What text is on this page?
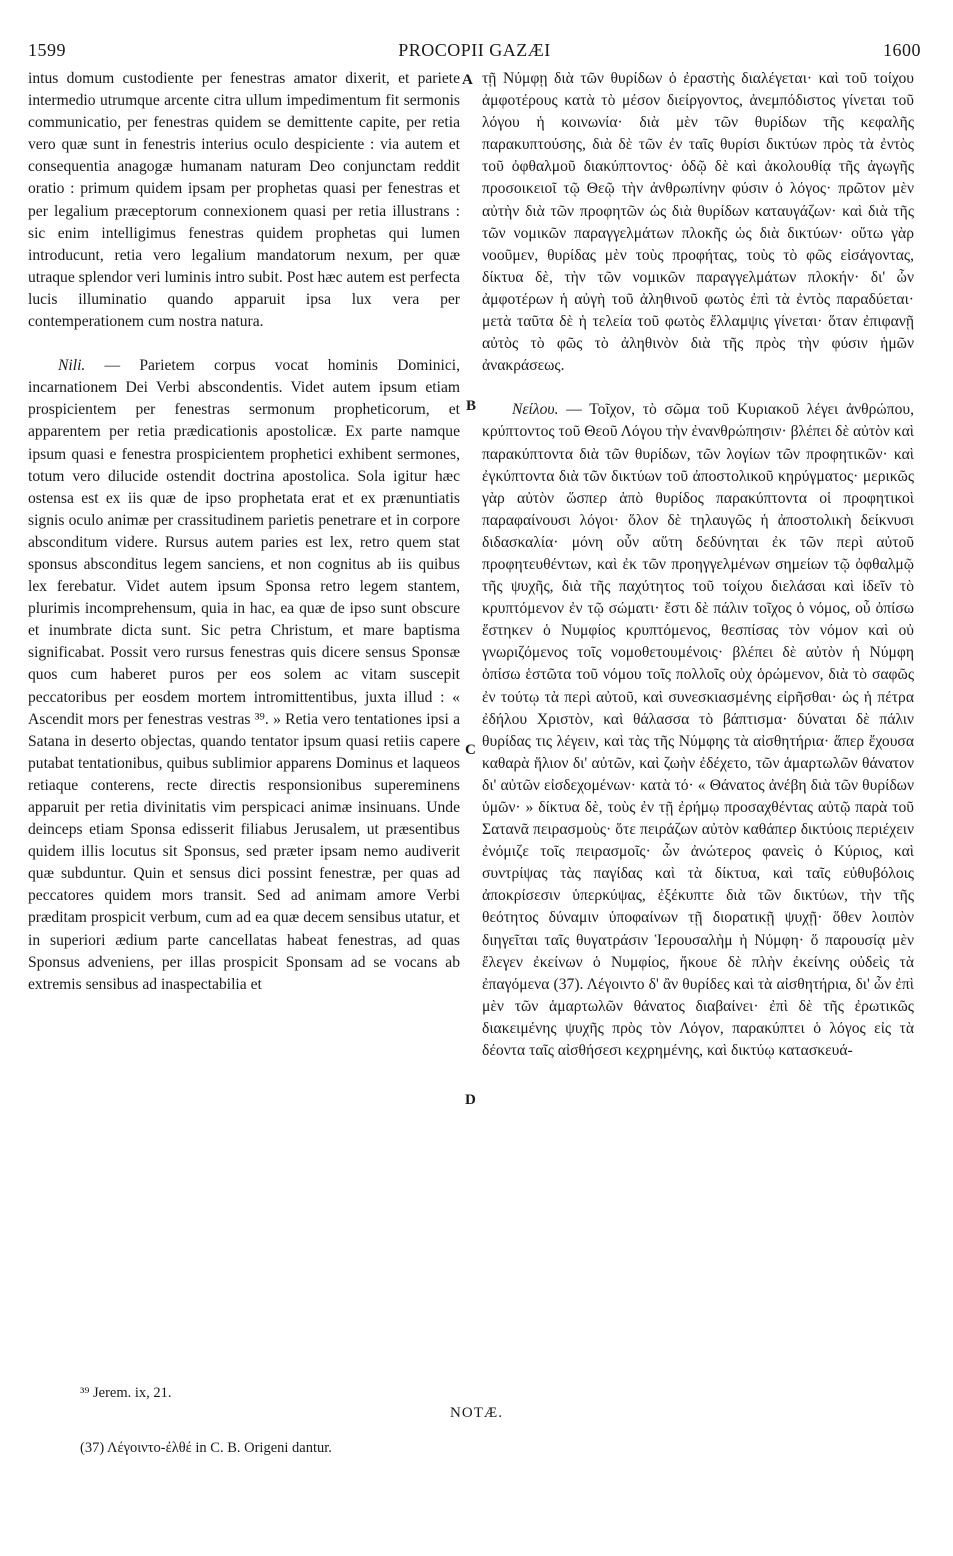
1599	PROCOPII GAZÆI	1600

intus domum custodiente per fenestras amator dixerit, et pariete intermedio utrumque arcente citra ullum impedimentum fit sermonis communicatio, per fenestras quidem se demittente capite, per retia vero quæ sunt in fenestris interius oculo despiciente : via autem et consequentia anagogæ humanam naturam Deo conjunctam reddit oratio : primum quidem ipsam per prophetas quasi per fenestras et per legalium præceptorum connexionem quasi per retia illustrans : sic enim intelligimus fenestras quidem prophetas qui lumen introducunt, retia vero legalium mandatorum nexum, per quæ utraque splendor veri luminis intro subit. Post hæc autem est perfecta lucis illuminatio quando apparuit ipsa lux vera per contemperationem cum nostra natura.

Nili. — Parietem corpus vocat hominis Dominici, incarnationem Dei Verbi abscondentis. Videt autem ipsum etiam prospicientem per fenestras sermonum propheticorum, et apparentem per retia prædicationis apostolicæ. Ex parte namque ipsum quasi e fenestra prospicientem prophetici exhibent sermones, totum vero dilucide ostendit doctrina apostolica. Sola igitur hæc ostensa est ex iis quæ de ipso prophetata erat et ex prænuntiatis signis oculo animæ per crassitudinem parietis penetrare et in corpore absconditum videre. Rursus autem paries est lex, retro quem stat sponsus absconditus legem sanciens, et non cognitus ab iis quibus lex ferebatur. Videt autem ipsum Sponsa retro legem stantem, plurimis incomprehensum, quia in hac, ea quæ de ipso sunt obscure et inumbrate dicta sunt. Sic petra Christum, et mare baptisma significabat. Possit vero rursus fenestras quis dicere sensus Sponsæ quos cum haberet puros per eos solem ac vitam suscepit peccatoribus per eosdem mortem intromittentibus, juxta illud : « Ascendit mors per fenestras vestras ³⁹. » Retia vero tentationes ipsi a Satana in deserto objectas, quando tentator ipsum quasi retiis capere putabat tentationibus, quibus sublimior apparens Dominus et laqueos retiaque conterens, recte directis responsionibus supereminens apparuit per retia divinitatis vim perspicaci animæ insinuans. Unde deinceps etiam Sponsa edisserit filiabus Jerusalem, ut præsentibus quidem illis locutus sit Sponsus, sed præter ipsam nemo audiverit quæ subduntur. Quin et sensus dici possint fenestræ, per quas ad peccatores quidem mors transit. Sed ad animam amore Verbi præditam prospicit verbum, cum ad ea quæ decem sensibus utatur, et in superiori ædium parte cancellatas habeat fenestras, ad quas Sponsus adveniens, per illas prospicit Sponsam ad se vocans ab extremis sensibus ad inaspectabilia et

A
B
C
D

τῇ Νύμφῃ διὰ τῶν θυρίδων ὁ ἐραστὴς διαλέγεται· καὶ τοῦ τοίχου ἀμφοτέρους κατὰ τὸ μέσον διείργοντος, ἀνεμπόδιστος γίνεται τοῦ λόγου ἡ κοινωνία· διὰ μὲν τῶν θυρίδων τῆς κεφαλῆς παρακυπτούσης, διὰ δὲ τῶν ἐν ταῖς θυρίσι δικτύων πρὸς τὰ ἐντὸς τοῦ ὀφθαλμοῦ διακύπτοντος· ὁδῷ δὲ καὶ ἀκολουθίᾳ τῆς ἀγωγῆς προσοικειοῖ τῷ Θεῷ τὴν ἀνθρωπίνην φύσιν ὁ λόγος· πρῶτον μὲν αὐτὴν διὰ τῶν προφητῶν ὡς διὰ θυρίδων καταυγάζων· καὶ διὰ τῆς τῶν νομικῶν παραγγελμάτων πλοκῆς ὡς διὰ δικτύων· οὕτω γὰρ νοοῦμεν, θυρίδας μὲν τοὺς προφήτας, τοὺς τὸ φῶς εἰσάγοντας, δίκτυα δὲ, τὴν τῶν νομικῶν παραγγελμάτων πλοκήν· δι' ὧν ἀμφοτέρων ἡ αὐγὴ τοῦ ἀληθινοῦ φωτὸς ἐπὶ τὰ ἐντὸς παραδύεται· μετὰ ταῦτα δὲ ἡ τελεία τοῦ φωτὸς ἔλλαμψις γίνεται· ὅταν ἐπιφανῇ αὐτὸς τὸ φῶς τὸ ἀληθινὸν διὰ τῆς πρὸς τὴν φύσιν ἡμῶν ἀνακράσεως.

Νείλου. — Τοῖχον, τὸ σῶμα τοῦ Κυριακοῦ λέγει ἀνθρώπου, κρύπτοντος τοῦ Θεοῦ Λόγου τὴν ἐνανθρώπησιν· βλέπει δὲ αὐτὸν καὶ παρακύπτοντα διὰ τῶν θυρίδων, τῶν λογίων τῶν προφητικῶν· καὶ ἐγκύπτοντα διὰ τῶν δικτύων τοῦ ἀποστολικοῦ κηρύγματος· μερικῶς γὰρ αὐτὸν ὥσπερ ἀπὸ θυρίδος παρακύπτοντα οἱ προφητικοὶ παραφαίνουσι λόγοι· ὅλον δὲ τηλαυγῶς ἡ ἀποστολικὴ δείκνυσι διδασκαλία· μόνη οὖν αὕτη δεδύνηται ἐκ τῶν περὶ αὐτοῦ προφητευθέντων, καὶ ἐκ τῶν προηγγελμένων σημείων τῷ ὀφθαλμῷ τῆς ψυχῆς, διὰ τῆς παχύτητος τοῦ τοίχου διελάσαι καὶ ἰδεῖν τὸ κρυπτόμενον ἐν τῷ σώματι· ἔστι δὲ πάλιν τοῖχος ὁ νόμος, οὗ ὀπίσω ἕστηκεν ὁ Νυμφίος κρυπτόμενος, θεσπίσας τὸν νόμον καὶ οὐ γνωριζόμενος τοῖς νομοθετουμένοις· βλέπει δὲ αὐτὸν ἡ Νύμφη ὀπίσω ἑστῶτα τοῦ νόμου τοῖς πολλοῖς οὐχ ὁρώμενον, διὰ τὸ σαφῶς ἐν τούτῳ τὰ περὶ αὐτοῦ, καὶ συνεσκιασμένης εἰρῆσθαι· ὡς ἡ πέτρα ἐδήλου Χριστὸν, καὶ θάλασσα τὸ βάπτισμα· δύναται δὲ πάλιν θυρίδας τις λέγειν, καὶ τὰς τῆς Νύμφης τὰ αἰσθητήρια· ἅπερ ἔχουσα καθαρὰ ἥλιον δι' αὐτῶν, καὶ ζωὴν ἐδέχετο, τῶν ἁμαρτωλῶν θάνατον δι' αὐτῶν εἰσδεχομένων· κατὰ τό· « Θάνατος ἀνέβη διὰ τῶν θυρίδων ὑμῶν· » δίκτυα δὲ, τοὺς ἐν τῇ ἐρήμῳ προσαχθέντας αὐτῷ παρὰ τοῦ Σατανᾶ πειρασμοὺς· ὅτε πειράζων αὐτὸν καθάπερ δικτύοις περιέχειν ἐνόμιζε τοῖς πειρασμοῖς· ὧν ἀνώτερος φανεὶς ὁ Κύριος, καὶ συντρίψας τὰς παγίδας καὶ τὰ δίκτυα, καὶ ταῖς εὐθυβόλοις ἀποκρίσεσιν ὑπερκύψας, ἐξέκυπτε διὰ τῶν δικτύων, τὴν τῆς θεότητος δύναμιν ὑποφαίνων τῇ διορατικῇ ψυχῇ· ὅθεν λοιπὸν διηγεῖται ταῖς θυγατράσιν Ἱερουσαλὴμ ἡ Νύμφη· ὅ παρουσίᾳ μὲν ἔλεγεν ἐκείνων ὁ Νυμφίος, ἤκουε δὲ πλὴν ἐκείνης οὐδεὶς τὰ ἐπαγόμενα (37). Λέγοιντο δ' ἂν θυρίδες καὶ τὰ αἰσθητήρια, δι' ὧν ἐπὶ μὲν τῶν ἁμαρτωλῶν θάνατος διαβαίνει· ἐπὶ δὲ τῆς ἐρωτικῶς διακειμένης ψυχῆς πρὸς τὸν Λόγον, παρακύπτει ὁ λόγος εἰς τὰ δέοντα ταῖς αἰσθήσεσι κεχρημένης, καὶ δικτύῳ κατασκευά-

³⁹ Jerem. ix, 21.
NOTÆ.
(37) Λέγοιντο-ἐλθέ in C. B. Origeni dantur.
